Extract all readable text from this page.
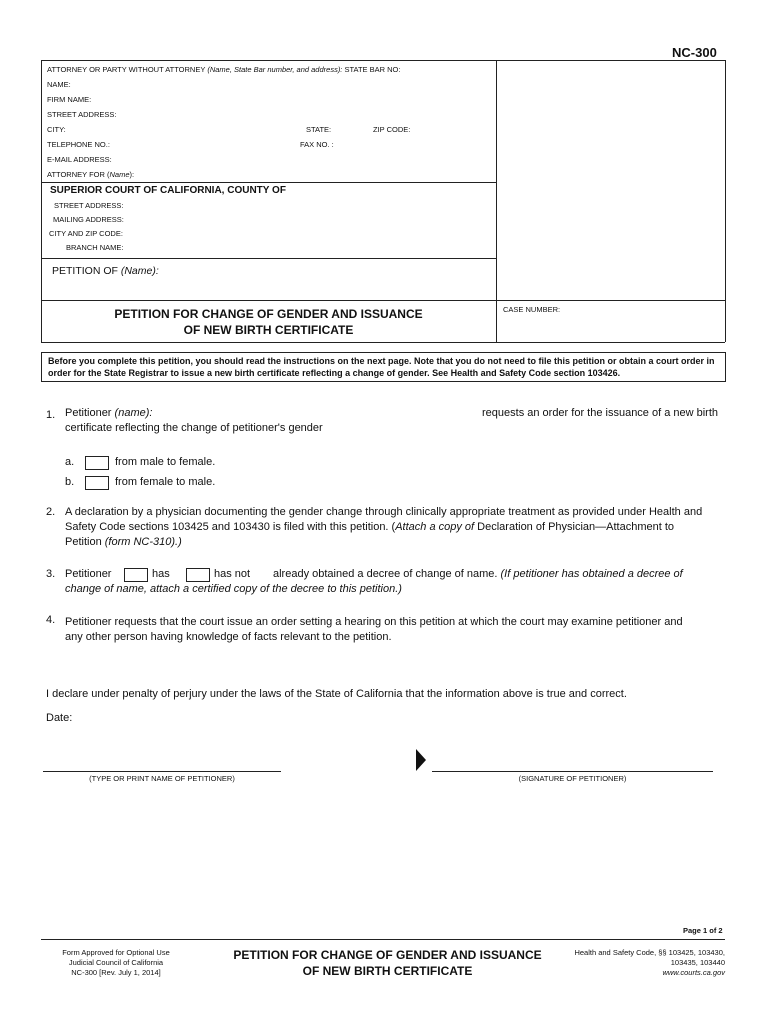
NC-300
ATTORNEY OR PARTY WITHOUT ATTORNEY (Name, State Bar number, and address): STATE BAR NO:
NAME:
FIRM NAME:
STREET ADDRESS:
CITY:	STATE:	ZIP CODE:
TELEPHONE NO.:	FAX NO. :
E-MAIL ADDRESS:
ATTORNEY FOR (Name):
SUPERIOR COURT OF CALIFORNIA, COUNTY OF
STREET ADDRESS:
MAILING ADDRESS:
CITY AND ZIP CODE:
BRANCH NAME:
PETITION OF (Name):
PETITION FOR CHANGE OF GENDER AND ISSUANCE
OF NEW BIRTH CERTIFICATE
CASE NUMBER:
Before you complete this petition, you should read the instructions on the next page. Note that you do not need to file this petition or obtain a court order in order for the State Registrar to issue a new birth certificate reflecting a change of gender. See Health and Safety Code section 103426.
1. Petitioner (name):	requests an order for the issuance of a new birth
certificate reflecting the change of petitioner's gender
a.	from male to female.
b.	from female to male.
2. A declaration by a physician documenting the gender change through clinically appropriate treatment as provided under Health and
Safety Code sections 103425 and 103430 is filed with this petition. (Attach a copy of Declaration of Physician—Attachment to
Petition (form NC-310).)
3. Petitioner	has	has not already obtained a decree of change of name. (If petitioner has obtained a decree of
change of name, attach a certified copy of the decree to this petition.)
4. Petitioner requests that the court issue an order setting a hearing on this petition at which the court may examine petitioner and
any other person having knowledge of facts relevant to the petition.
I declare under penalty of perjury under the laws of the State of California that the information above is true and correct.
Date:
(TYPE OR PRINT NAME OF PETITIONER)	(SIGNATURE OF PETITIONER)
Page 1 of 2
Form Approved for Optional Use
Judicial Council of California
NC-300 [Rev. July 1, 2014]
PETITION FOR CHANGE OF GENDER AND ISSUANCE
OF NEW BIRTH CERTIFICATE
Health and Safety Code, §§ 103425, 103430,
103435, 103440
www.courts.ca.gov
